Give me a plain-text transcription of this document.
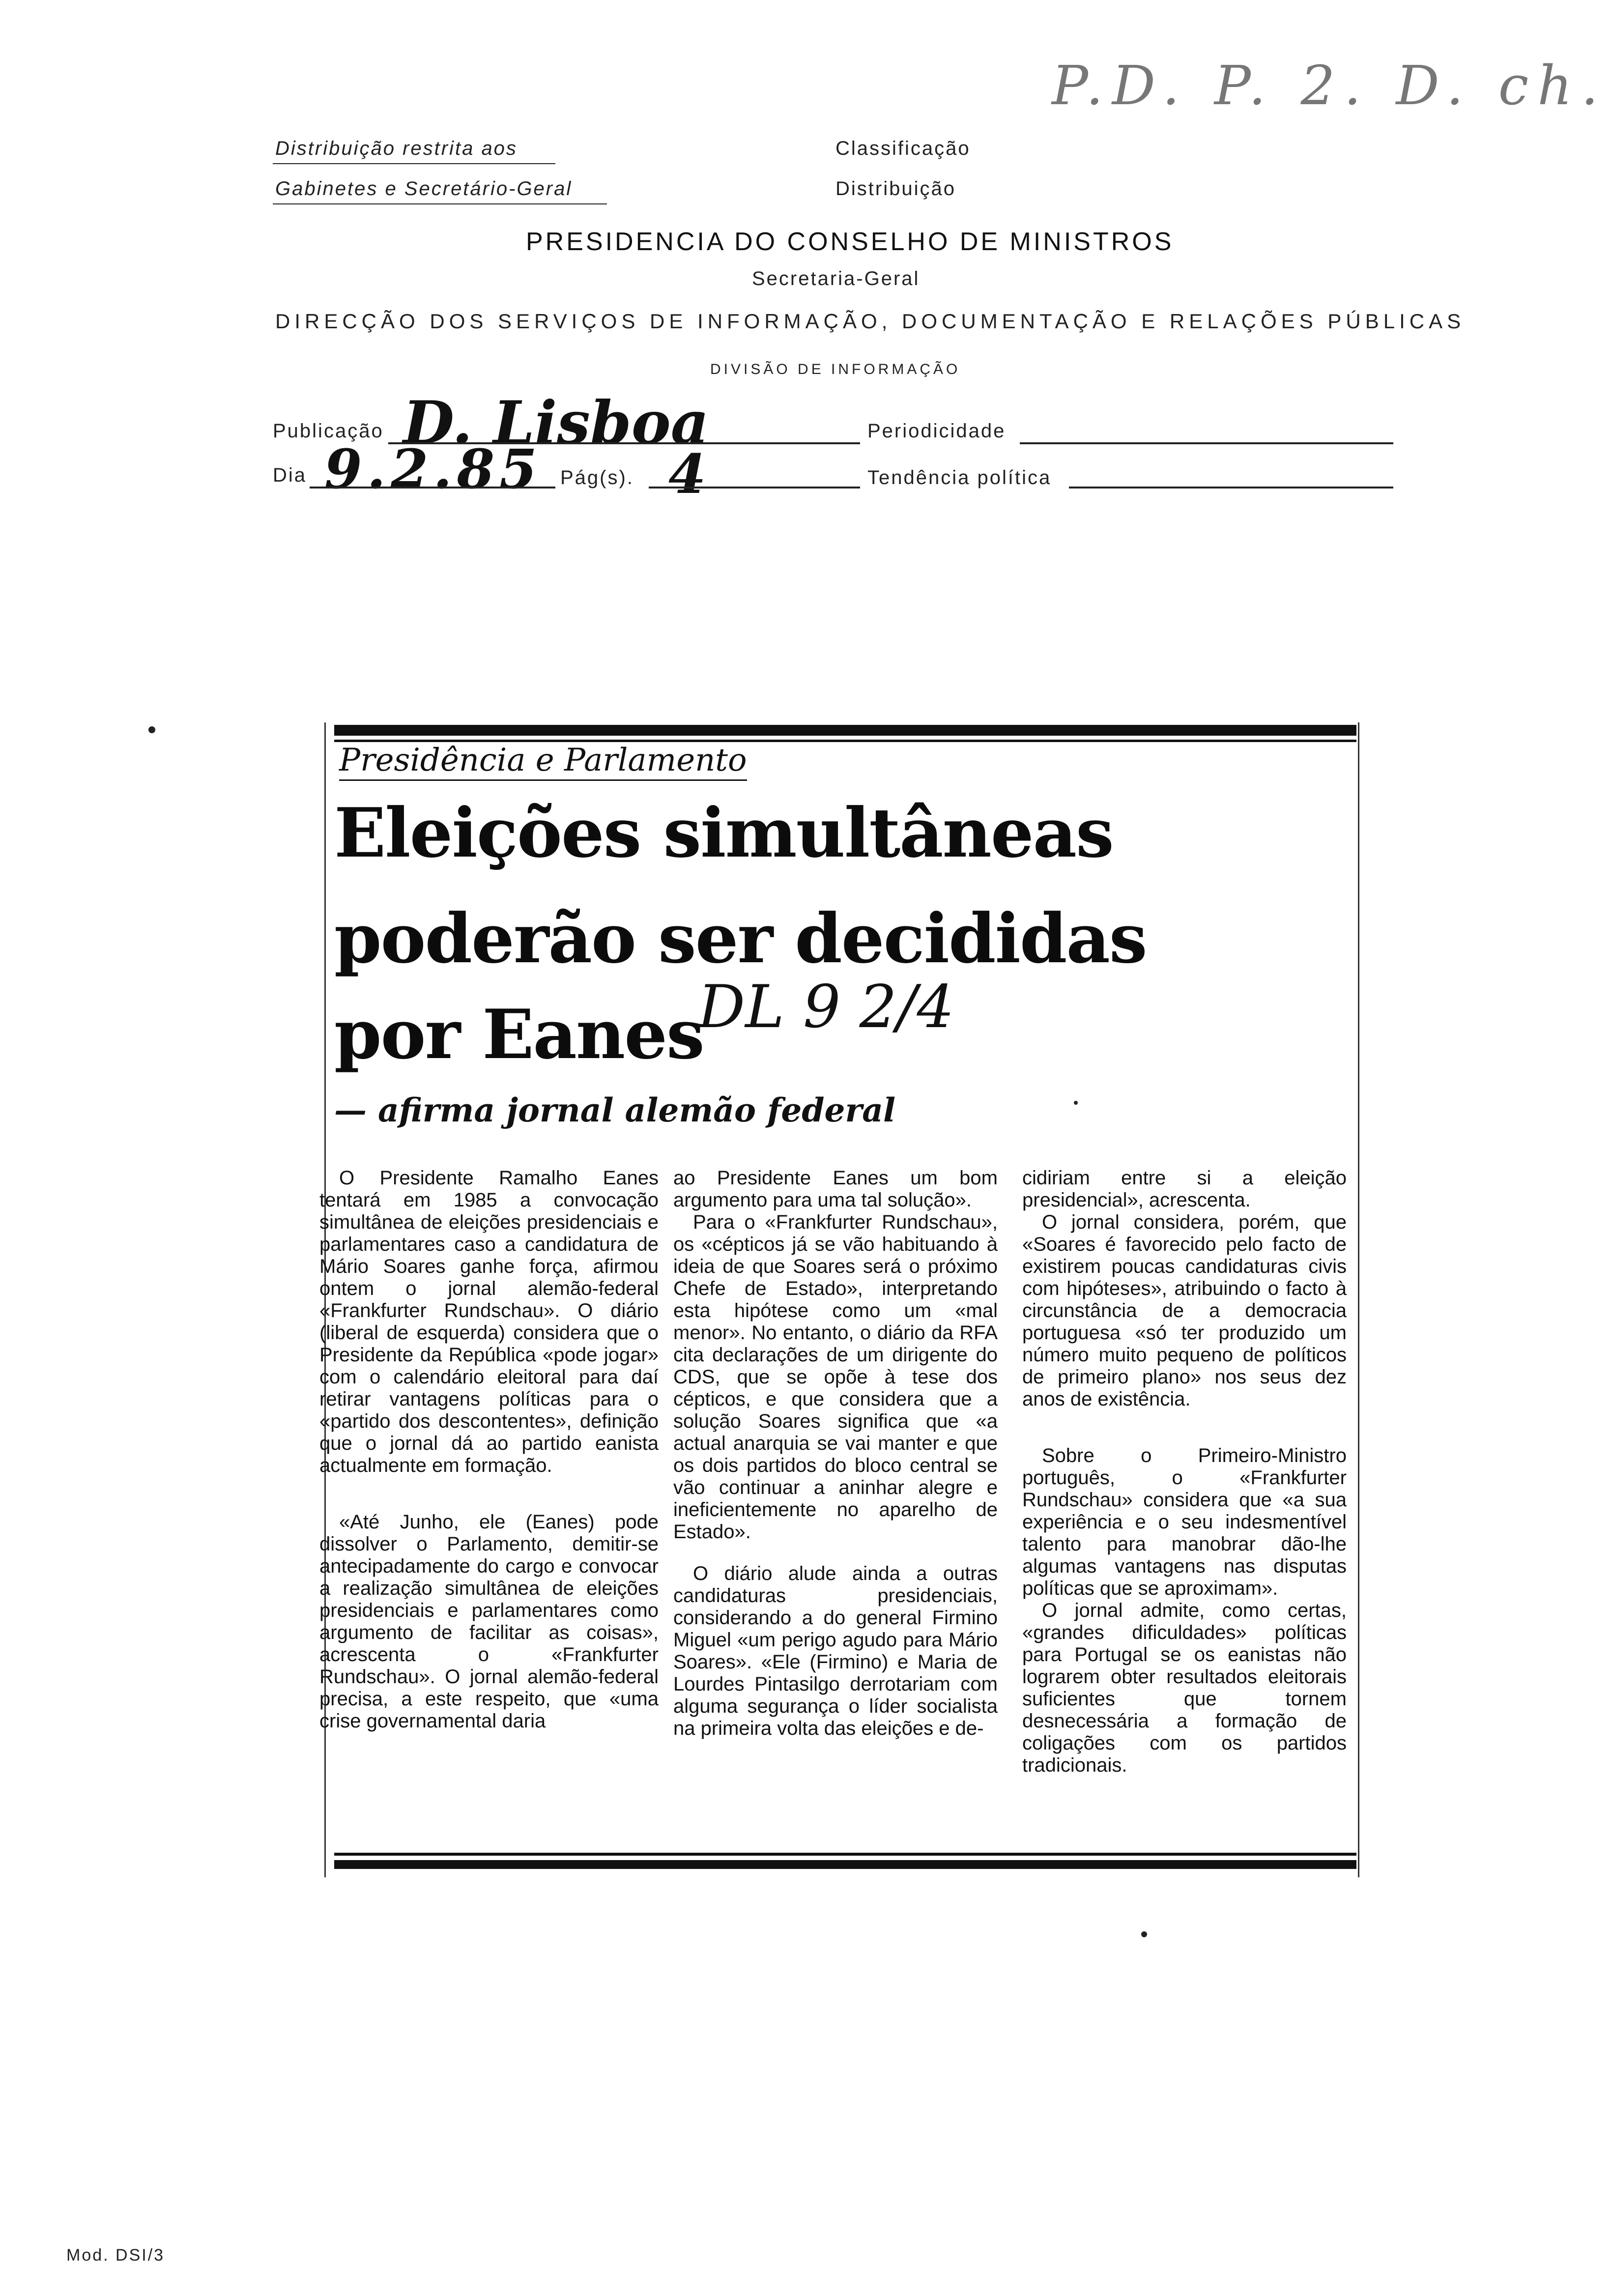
P.D. P. 2. D. ch.
Distribuição restrita aos
Gabinetes e Secretário-Geral
Classificação
Distribuição
PRESIDENCIA DO CONSELHO DE MINISTROS
Secretaria-Geral
DIRECÇÃO DOS SERVIÇOS DE INFORMAÇÃO, DOCUMENTAÇÃO E RELAÇÕES PÚBLICAS
DIVISÃO DE INFORMAÇÃO
Publicação D. Lisboa	Periodicidade
Dia 9.2.85 Pág(s). 4	Tendência política
Presidência e Parlamento
Eleições simultâneas
poderão ser decididas
por Eanes
DL 9 2/4
— afirma jornal alemão federal

O Presidente Ramalho Eanes tentará em 1985 a convocação simultânea de eleições presidenciais e parlamentares caso a candidatura de Mário Soares ganhe força, afirmou ontem o jornal alemão-federal «Frankfurter Rundschau». O diário (liberal de esquerda) considera que o Presidente da República «pode jogar» com o calendário eleitoral para daí retirar vantagens políticas para o «partido dos descontentes», definição que o jornal dá ao partido eanista actualmente em formação.

«Até Junho, ele (Eanes) pode dissolver o Parlamento, demitir-se antecipadamente do cargo e convocar a realização simultânea de eleições presidenciais e parlamentares como argumento de facilitar as coisas», acrescenta o «Frankfurter Rundschau». O jornal alemão-federal precisa, a este respeito, que «uma crise governamental daria

ao Presidente Eanes um bom argumento para uma tal solução».

Para o «Frankfurter Rundschau», os «cépticos já se vão habituando à ideia de que Soares será o próximo Chefe de Estado», interpretando esta hipótese como um «mal menor». No entanto, o diário da RFA cita declarações de um dirigente do CDS, que se opõe à tese dos cépticos, e que considera que a solução Soares significa que «a actual anarquia se vai manter e que os dois partidos do bloco central se vão continuar a aninhar alegre e ineficientemente no aparelho de Estado».

O diário alude ainda a outras candidaturas presidenciais, considerando a do general Firmino Miguel «um perigo agudo para Mário Soares». «Ele (Firmino) e Maria de Lourdes Pintasilgo derrotariam com alguma segurança o líder socialista na primeira volta das eleições e de-

cidiriam entre si a eleição presidencial», acrescenta.

O jornal considera, porém, que «Soares é favorecido pelo facto de existirem poucas candidaturas civis com hipóteses», atribuindo o facto à circunstância de a democracia portuguesa «só ter produzido um número muito pequeno de políticos de primeiro plano» nos seus dez anos de existência.

Sobre o Primeiro-Ministro português, o «Frankfurter Rundschau» considera que «a sua experiência e o seu indesmentível talento para manobrar dão-lhe algumas vantagens nas disputas políticas que se aproximam».

O jornal admite, como certas, «grandes dificuldades» políticas para Portugal se os eanistas não lograrem obter resultados eleitorais suficientes que tornem desnecessária a formação de coligações com os partidos tradicionais.

Mod. DSI/3
